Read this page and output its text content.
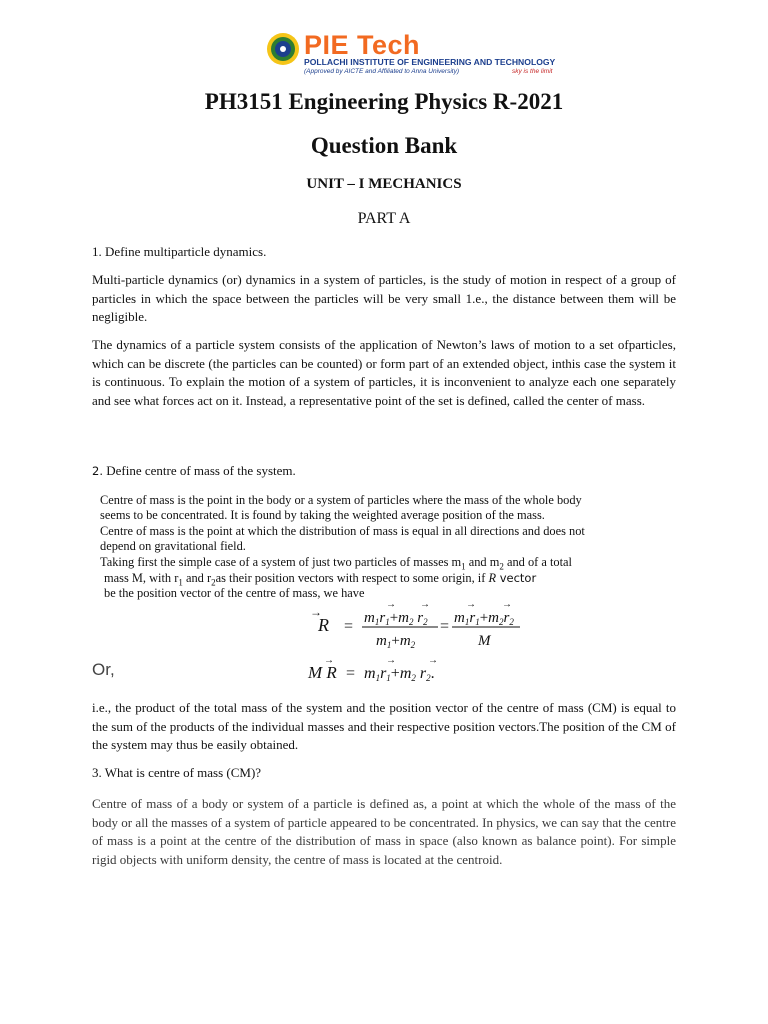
PIE Tech
POLLACHI INSTITUTE OF ENGINEERING AND TECHNOLOGY
(Approved by AICTE and Affiliated to Anna University)	sky is the limit
PH3151 Engineering Physics R-2021
Question Bank
UNIT – I MECHANICS
PART A
1. Define multiparticle dynamics.
Multi-particle dynamics (or) dynamics in a system of particles, is the study of motion in respect of a group of particles in which the space between the particles will be very small 1.e., the distance between them will be negligible.
The dynamics of a particle system consists of the application of Newton’s laws of motion to a set ofparticles, which can be discrete (the particles can be counted) or form part of an extended object, inthis case the system it is continuous. To explain the motion of a system of particles, it is inconvenient to analyze each one separately and see what forces act on it. Instead, a representative point of the set is defined, called the center of mass.
2. Define centre of mass of the system.
Centre of mass is the point in the body or a system of particles where the mass of the whole body
seems to be concentrated. It is found by taking the weighted average position of the mass.
Centre of mass is the point at which the distribution of mass is equal in all directions and does not
depend on gravitational field.
Taking first the simple case of a system of just two particles of masses $m_1$ and $m_2$ and of a total
mass M, with $r_1$ and $r_2as$ their position vectors with respect to some origin, if R vector
be the position vector of the centre of mass, we have
R
→
= $m_1r_1+m_2$ $r_2$
→ →
$m_1+m_2$
= $m_1r_1+m_2r_2$
→	→
M
Or,	M R
→
= m1r1+m2 r2.
→	→
i.e., the product of the total mass of the system and the position vector of the centre of mass (CM) is equal to the sum of the products of the individual masses and their respective position vectors.The position of the CM of the system may thus be easily obtained.
3. What is centre of mass (CM)?
Centre of mass of a body or system of a particle is defined as, a point at which the whole of the mass of the body or all the masses of a system of particle appeared to be concentrated. In physics, we can say that the centre of mass is a point at the centre of the distribution of mass in space (also known as balance point). For simple rigid objects with uniform density, the centre of mass is located at the centroid.
